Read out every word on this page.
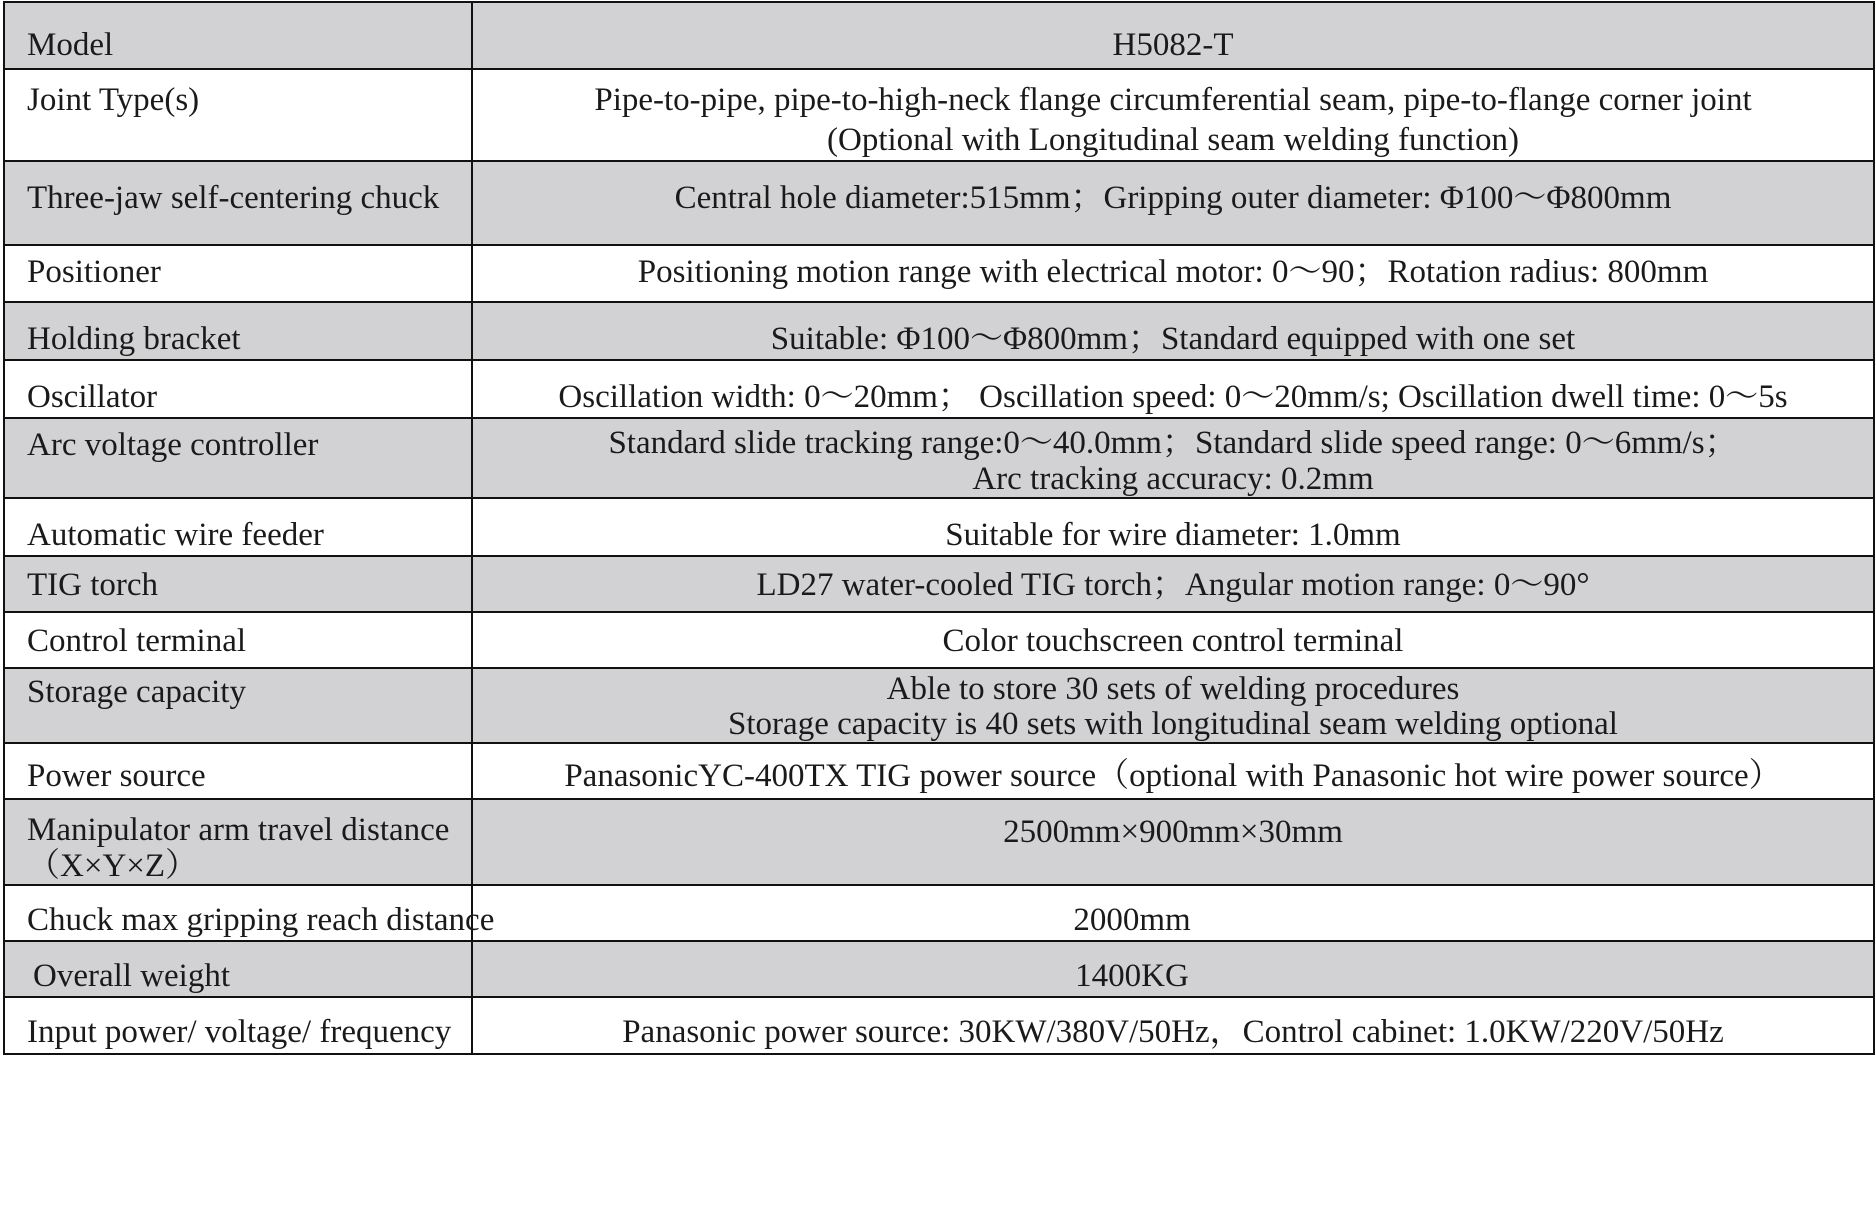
Model	H5082-T

Joint Type(s)	Pipe-to-pipe, pipe-to-high-neck flange circumferential seam, pipe-to-flange corner joint
(Optional with Longitudinal seam welding function)

Three-jaw self-centering chuck	Central hole diameter:515mm；Gripping outer diameter: Φ100～Φ800mm

Positioner	Positioning motion range with electrical motor: 0～90；Rotation radius: 800mm

Holding bracket	Suitable: Φ100～Φ800mm；Standard equipped with one set

Oscillator	Oscillation width: 0～20mm； Oscillation speed: 0～20mm/s; Oscillation dwell time: 0～5s

Arc voltage controller	Standard slide tracking range:0～40.0mm；Standard slide speed range: 0～6mm/s；
Arc tracking accuracy: 0.2mm

Automatic wire feeder	Suitable for wire diameter: 1.0mm

TIG torch	LD27 water-cooled TIG torch；Angular motion range: 0～90°

Control terminal	Color touchscreen control terminal

Storage capacity	Able to store 30 sets of welding procedures
Storage capacity is 40 sets with longitudinal seam welding optional

Power source	PanasonicYC-400TX TIG power source（optional with Panasonic hot wire power source）

Manipulator arm travel distance
（X×Y×Z）	2500mm×900mm×30mm

Chuck max gripping reach distance	2000mm

Overall weight	1400KG

Input power/ voltage/ frequency	Panasonic power source: 30KW/380V/50Hz，Control cabinet: 1.0KW/220V/50Hz
